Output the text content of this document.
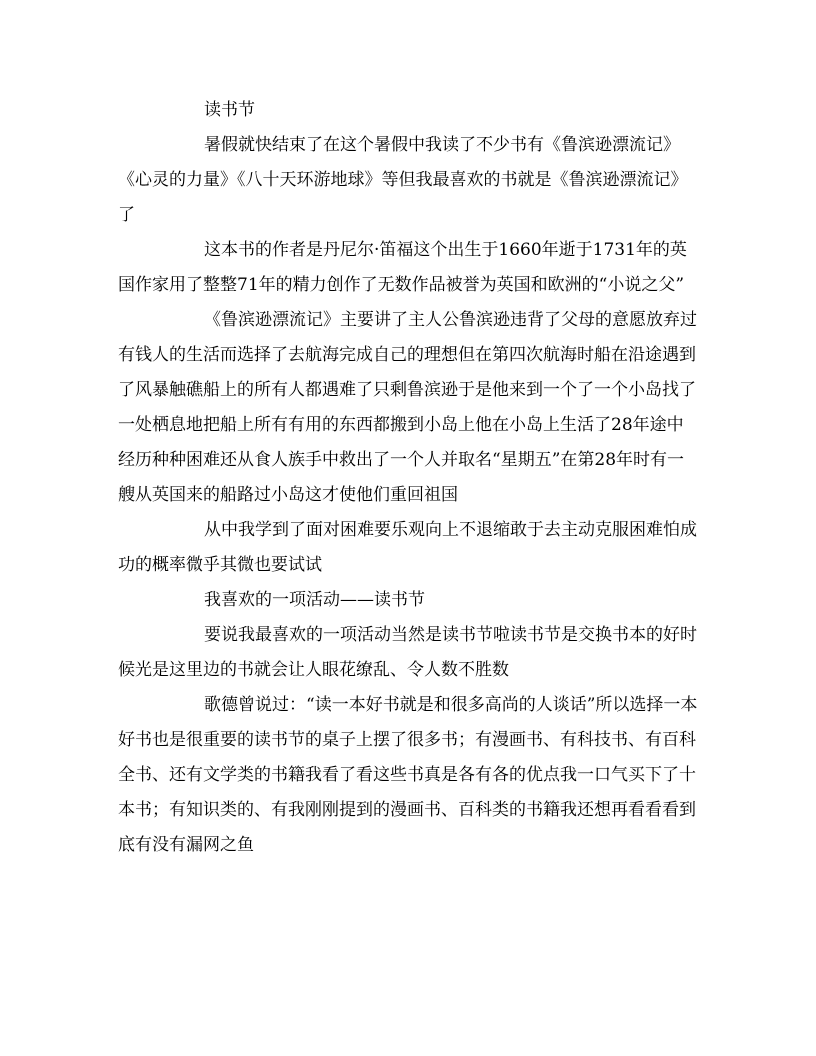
读书节

暑假就快结束了在这个暑假中我读了不少书有《鲁滨逊漂流记》《心灵的力量》《八十天环游地球》等但我最喜欢的书就是《鲁滨逊漂流记》了

这本书的作者是丹尼尔·笛福这个出生于1660年逝于1731年的英国作家用了整整71年的精力创作了无数作品被誉为英国和欧洲的“小说之父”

《鲁滨逊漂流记》主要讲了主人公鲁滨逊违背了父母的意愿放弃过有钱人的生活而选择了去航海完成自己的理想但在第四次航海时船在沿途遇到了风暴触礁船上的所有人都遇难了只剩鲁滨逊于是他来到一个了一个小岛找了一处栖息地把船上所有有用的东西都搬到小岛上他在小岛上生活了28年途中经历种种困难还从食人族手中救出了一个人并取名“星期五”在第28年时有一艘从英国来的船路过小岛这才使他们重回祖国

从中我学到了面对困难要乐观向上不退缩敢于去主动克服困难怕成功的概率微乎其微也要试试

我喜欢的一项活动——读书节

要说我最喜欢的一项活动当然是读书节啦读书节是交换书本的好时候光是这里边的书就会让人眼花缭乱、令人数不胜数

歌德曾说过：“读一本好书就是和很多高尚的人谈话”所以选择一本好书也是很重要的读书节的桌子上摆了很多书；有漫画书、有科技书、有百科全书、还有文学类的书籍我看了看这些书真是各有各的优点我一口气买下了十本书；有知识类的、有我刚刚提到的漫画书、百科类的书籍我还想再看看看到底有没有漏网之鱼
